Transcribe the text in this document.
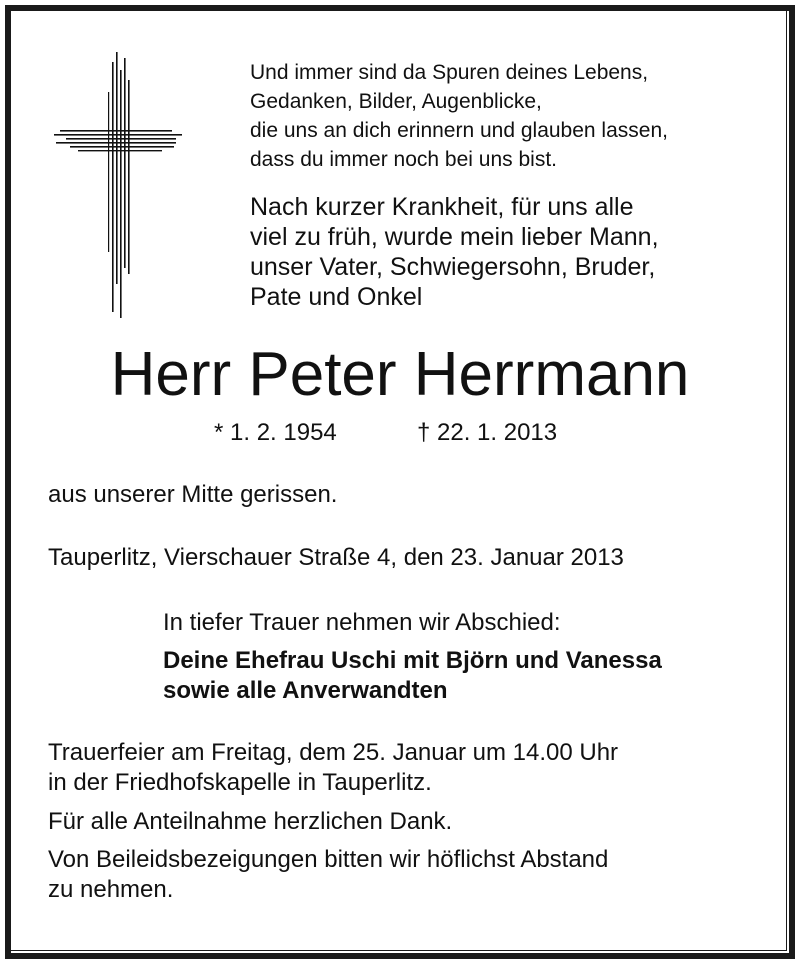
Und immer sind da Spuren deines Lebens,
Gedanken, Bilder, Augenblicke,
die uns an dich erinnern und glauben lassen,
dass du immer noch bei uns bist.
Nach kurzer Krankheit, für uns alle
viel zu früh, wurde mein lieber Mann,
unser Vater, Schwiegersohn, Bruder,
Pate und Onkel
Herr Peter Herrmann
* 1. 2. 1954	† 22. 1. 2013
aus unserer Mitte gerissen.
Tauperlitz, Vierschauer Straße 4, den 23. Januar 2013
In tiefer Trauer nehmen wir Abschied:
Deine Ehefrau Uschi mit Björn und Vanessa
sowie alle Anverwandten
Trauerfeier am Freitag, dem 25. Januar um 14.00 Uhr
in der Friedhofskapelle in Tauperlitz.
Für alle Anteilnahme herzlichen Dank.
Von Beileidsbezeigungen bitten wir höflichst Abstand
zu nehmen.
